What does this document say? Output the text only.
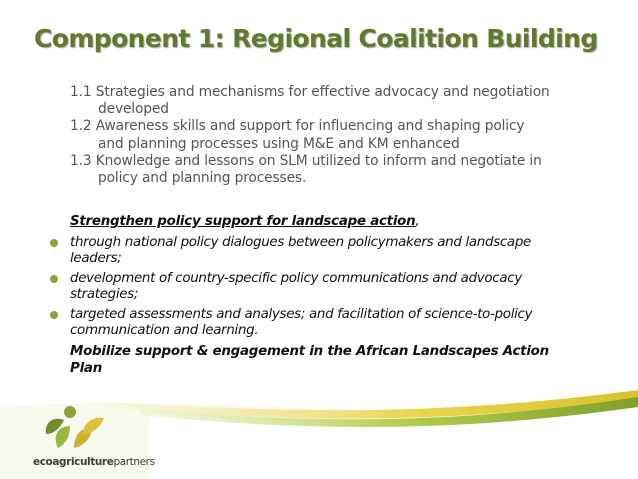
Component 1: Regional Coalition Building
1.1 Strategies and mechanisms for effective advocacy and negotiation developed
1.2 Awareness skills and support for influencing and shaping policy and planning processes using M&E and KM enhanced
1.3 Knowledge and lessons on SLM utilized to inform and negotiate in policy and planning processes.

Strengthen policy support for landscape action,

through national policy dialogues between policymakers and landscape leaders;
development of country-specific policy communications and advocacy strategies;
targeted assessments and analyses; and facilitation of science-to-policy communication and learning.

Mobilize support & engagement in the African Landscapes Action Plan

ecoagriculturepartners
